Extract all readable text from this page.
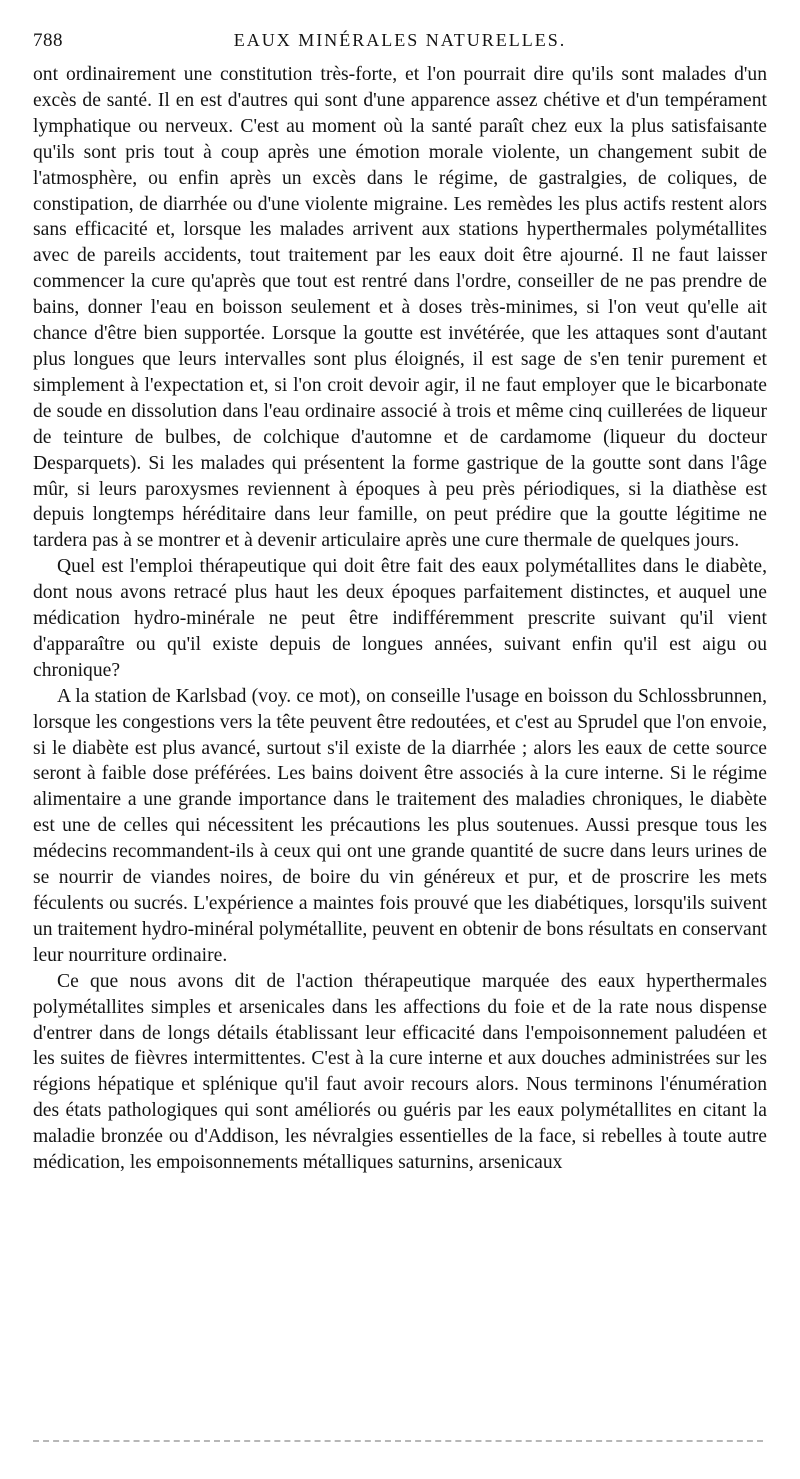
788	EAUX MINÉRALES NATURELLES.

ont ordinairement une constitution très-forte, et l'on pourrait dire qu'ils sont malades d'un excès de santé. Il en est d'autres qui sont d'une apparence assez chétive et d'un tempérament lymphatique ou nerveux. C'est au moment où la santé paraît chez eux la plus satisfaisante qu'ils sont pris tout à coup après une émotion morale violente, un changement subit de l'atmosphère, ou enfin après un excès dans le régime, de gastralgies, de coliques, de constipation, de diarrhée ou d'une violente migraine. Les remèdes les plus actifs restent alors sans efficacité et, lorsque les malades arrivent aux stations hyperthermales polymétallites avec de pareils accidents, tout traitement par les eaux doit être ajourné. Il ne faut laisser commencer la cure qu'après que tout est rentré dans l'ordre, conseiller de ne pas prendre de bains, donner l'eau en boisson seulement et à doses très-minimes, si l'on veut qu'elle ait chance d'être bien supportée. Lorsque la goutte est invétérée, que les attaques sont d'autant plus longues que leurs intervalles sont plus éloignés, il est sage de s'en tenir purement et simplement à l'expectation et, si l'on croit devoir agir, il ne faut employer que le bicarbonate de soude en dissolution dans l'eau ordinaire associé à trois et même cinq cuillerées de liqueur de teinture de bulbes, de colchique d'automne et de cardamome (liqueur du docteur Desparquets). Si les malades qui présentent la forme gastrique de la goutte sont dans l'âge mûr, si leurs paroxysmes reviennent à époques à peu près périodiques, si la diathèse est depuis longtemps héréditaire dans leur famille, on peut prédire que la goutte légitime ne tardera pas à se montrer et à devenir articulaire après une cure thermale de quelques jours.

Quel est l'emploi thérapeutique qui doit être fait des eaux polymétallites dans le diabète, dont nous avons retracé plus haut les deux époques parfaitement distinctes, et auquel une médication hydro-minérale ne peut être indifféremment prescrite suivant qu'il vient d'apparaître ou qu'il existe depuis de longues années, suivant enfin qu'il est aigu ou chronique?

A la station de Karlsbad (voy. ce mot), on conseille l'usage en boisson du Schlossbrunnen, lorsque les congestions vers la tête peuvent être redoutées, et c'est au Sprudel que l'on envoie, si le diabète est plus avancé, surtout s'il existe de la diarrhée ; alors les eaux de cette source seront à faible dose préférées. Les bains doivent être associés à la cure interne. Si le régime alimentaire a une grande importance dans le traitement des maladies chroniques, le diabète est une de celles qui nécessitent les précautions les plus soutenues. Aussi presque tous les médecins recommandent-ils à ceux qui ont une grande quantité de sucre dans leurs urines de se nourrir de viandes noires, de boire du vin généreux et pur, et de proscrire les mets féculents ou sucrés. L'expérience a maintes fois prouvé que les diabétiques, lorsqu'ils suivent un traitement hydro-minéral polymétallite, peuvent en obtenir de bons résultats en conservant leur nourriture ordinaire.

Ce que nous avons dit de l'action thérapeutique marquée des eaux hyperthermales polymétallites simples et arsenicales dans les affections du foie et de la rate nous dispense d'entrer dans de longs détails établissant leur efficacité dans l'empoisonnement paludéen et les suites de fièvres intermittentes. C'est à la cure interne et aux douches administrées sur les régions hépatique et splénique qu'il faut avoir recours alors. Nous terminons l'énumération des états pathologiques qui sont améliorés ou guéris par les eaux polymétallites en citant la maladie bronzée ou d'Addison, les névralgies essentielles de la face, si rebelles à toute autre médication, les empoisonnements métalliques saturnins, arsenicaux
